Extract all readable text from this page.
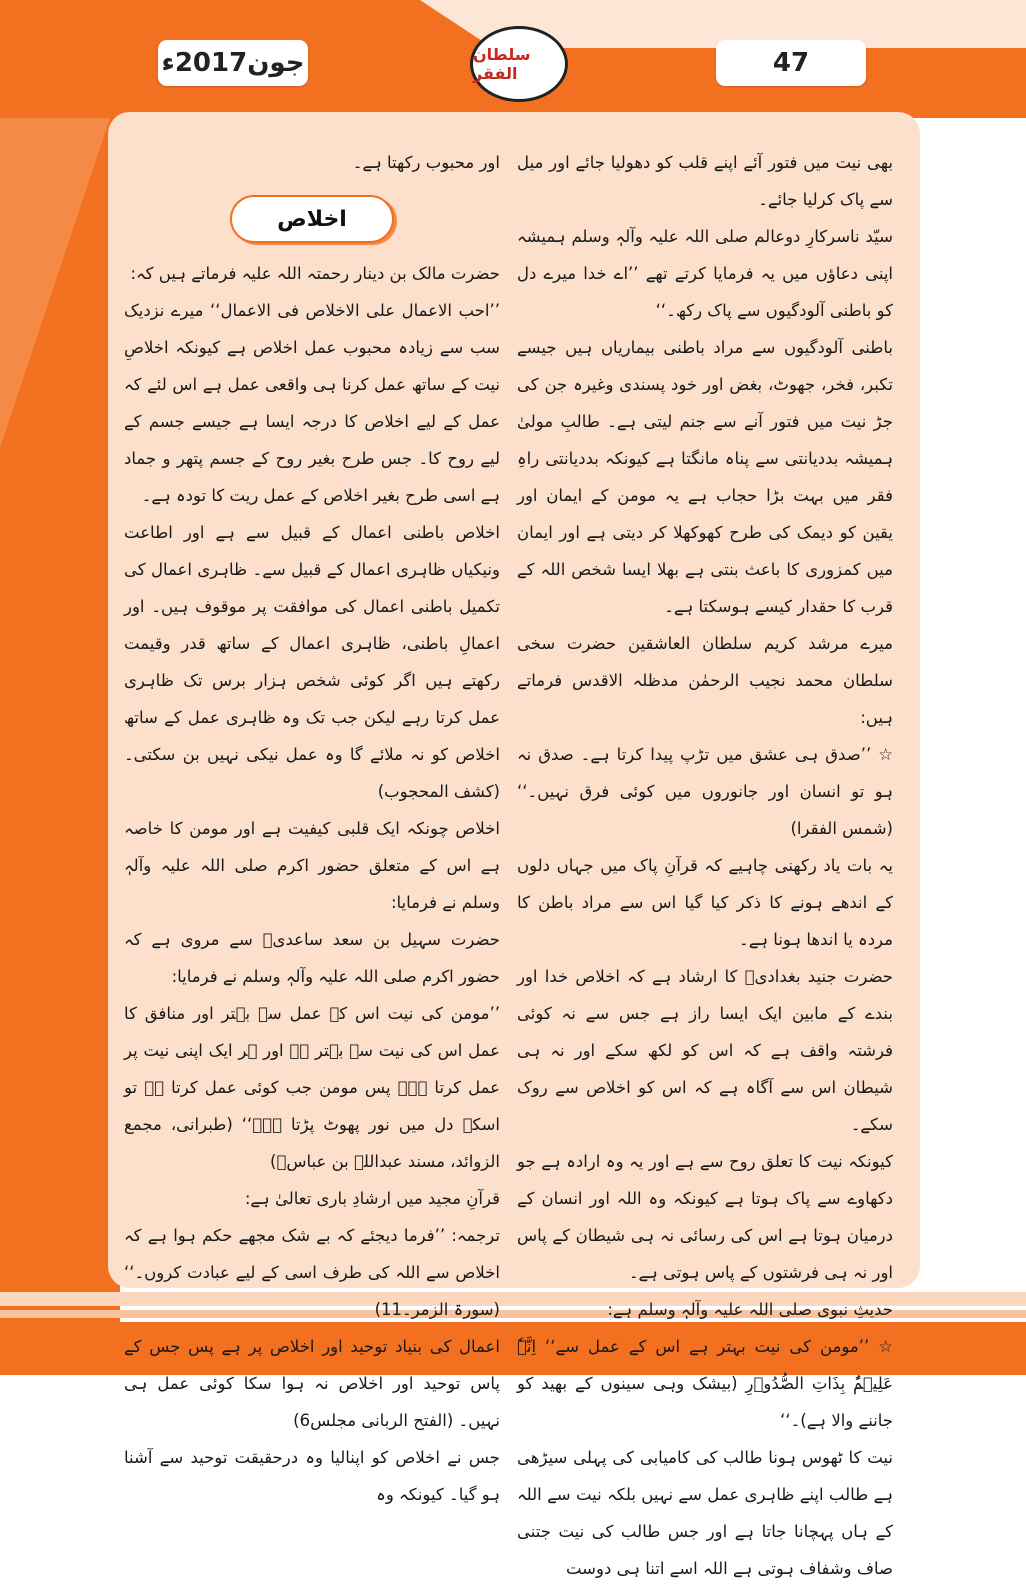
جون2017ء	سلطان الفقر	47

بھی نیت میں فتور آئے اپنے قلب کو دھولیا جائے اور میل سے پاک کرلیا جائے۔

سیّد ناسرکارِ دوعالم صلی اللہ علیہ وآلہٖ وسلم ہمیشہ اپنی دعاؤں میں یہ فرمایا کرتے تھے ’’اے خدا میرے دل کو باطنی آلودگیوں سے پاک رکھ۔‘‘

باطنی آلودگیوں سے مراد باطنی بیماریاں ہیں جیسے تکبر، فخر، جھوٹ، بغض اور خود پسندی وغیرہ جن کی جڑ نیت میں فتور آنے سے جنم لیتی ہے۔ طالبِ مولیٰ ہمیشہ بددیانتی سے پناہ مانگتا ہے کیونکہ بددیانتی راہِ فقر میں بہت بڑا حجاب ہے یہ مومن کے ایمان اور یقین کو دیمک کی طرح کھوکھلا کر دیتی ہے اور ایمان میں کمزوری کا باعث بنتی ہے بھلا ایسا شخص اللہ کے قرب کا حقدار کیسے ہوسکتا ہے۔

میرے مرشد کریم سلطان العاشقین حضرت سخی سلطان محمد نجیب الرحمٰن مدظلہ الاقدس فرماتے ہیں:

☆ ’’صدق ہی عشق میں تڑپ پیدا کرتا ہے۔ صدق نہ ہو تو انسان اور جانوروں میں کوئی فرق نہیں۔‘‘ (شمس الفقرا)

یہ بات یاد رکھنی چاہیے کہ قرآنِ پاک میں جہاں دلوں کے اندھے ہونے کا ذکر کیا گیا اس سے مراد باطن کا مردہ یا اندھا ہونا ہے۔

حضرت جنید بغدادیؒ کا ارشاد ہے کہ اخلاص خدا اور بندے کے مابین ایک ایسا راز ہے جس سے نہ کوئی فرشتہ واقف ہے کہ اس کو لکھ سکے اور نہ ہی شیطان اس سے آگاہ ہے کہ اس کو اخلاص سے روک سکے۔

کیونکہ نیت کا تعلق روح سے ہے اور یہ وہ ارادہ ہے جو دکھاوے سے پاک ہوتا ہے کیونکہ وہ اللہ اور انسان کے درمیان ہوتا ہے اس کی رسائی نہ ہی شیطان کے پاس اور نہ ہی فرشتوں کے پاس ہوتی ہے۔

حدیثِ نبوی صلی اللہ علیہ وآلہٖ وسلم ہے:

☆ ’’مومن کی نیت بہتر ہے اس کے عمل سے‘‘ اِنَّہٗ عَلِیۡمٌۢ بِذَاتِ الصُّدُوۡرِ (بیشک وہی سینوں کے بھید کو جاننے والا ہے)۔‘‘

نیت کا ٹھوس ہونا طالب کی کامیابی کی پہلی سیڑھی ہے طالب اپنے ظاہری عمل سے نہیں بلکہ نیت سے اللہ کے ہاں پہچانا جاتا ہے اور جس طالب کی نیت جتنی صاف وشفاف ہوتی ہے اللہ اسے اتنا ہی دوست

اور محبوب رکھتا ہے۔

اخلاص

حضرت مالک بن دینار رحمتہ اللہ علیہ فرماتے ہیں کہ:

’’احب الاعمال علی الاخلاص فی الاعمال‘‘ میرے نزدیک سب سے زیادہ محبوب عمل اخلاص ہے کیونکہ اخلاصِ نیت کے ساتھ عمل کرنا ہی واقعی عمل ہے اس لئے کہ عمل کے لیے اخلاص کا درجہ ایسا ہے جیسے جسم کے لیے روح کا۔ جس طرح بغیر روح کے جسم پتھر و جماد ہے اسی طرح بغیر اخلاص کے عمل ریت کا تودہ ہے۔

اخلاص باطنی اعمال کے قبیل سے ہے اور اطاعت ونیکیاں ظاہری اعمال کے قبیل سے۔ ظاہری اعمال کی تکمیل باطنی اعمال کی موافقت پر موقوف ہیں۔ اور اعمالِ باطنی، ظاہری اعمال کے ساتھ قدر وقیمت رکھتے ہیں اگر کوئی شخص ہزار برس تک ظاہری عمل کرتا رہے لیکن جب تک وہ ظاہری عمل کے ساتھ اخلاص کو نہ ملائے گا وہ عمل نیکی نہیں بن سکتی۔ (کشف المحجوب)

اخلاص چونکہ ایک قلبی کیفیت ہے اور مومن کا خاصہ ہے اس کے متعلق حضور اکرم صلی اللہ علیہ وآلہٖ وسلم نے فرمایا:

حضرت سہیل بن سعد ساعدیؓ سے مروی ہے کہ حضور اکرم صلی اللہ علیہ وآلہٖ وسلم نے فرمایا:

’’مومن کی نیت اس کے عمل سے بہتر اور منافق کا عمل اس کی نیت سے بہتر ہے اور ہر ایک اپنی نیت پر عمل کرتا ہے۔ پس مومن جب کوئی عمل کرتا ہے تو اسکے دل میں نور پھوٹ پڑتا ہے۔‘‘ (طبرانی، مجمع الزوائد، مسند عبداللہ بن عباسؓ)

قرآنِ مجید میں ارشادِ باری تعالیٰ ہے:

ترجمہ: ’’فرما دیجئے کہ بے شک مجھے حکم ہوا ہے کہ اخلاص سے اللہ کی طرف اسی کے لیے عبادت کروں۔‘‘ (سورۃ الزمر۔11)

اعمال کی بنیاد توحید اور اخلاص پر ہے پس جس کے پاس توحید اور اخلاص نہ ہوا سکا کوئی عمل ہی نہیں۔ (الفتح الربانی مجلس6)

جس نے اخلاص کو اپنالیا وہ درحقیقت توحید سے آشنا ہو گیا۔ کیونکہ وہ
